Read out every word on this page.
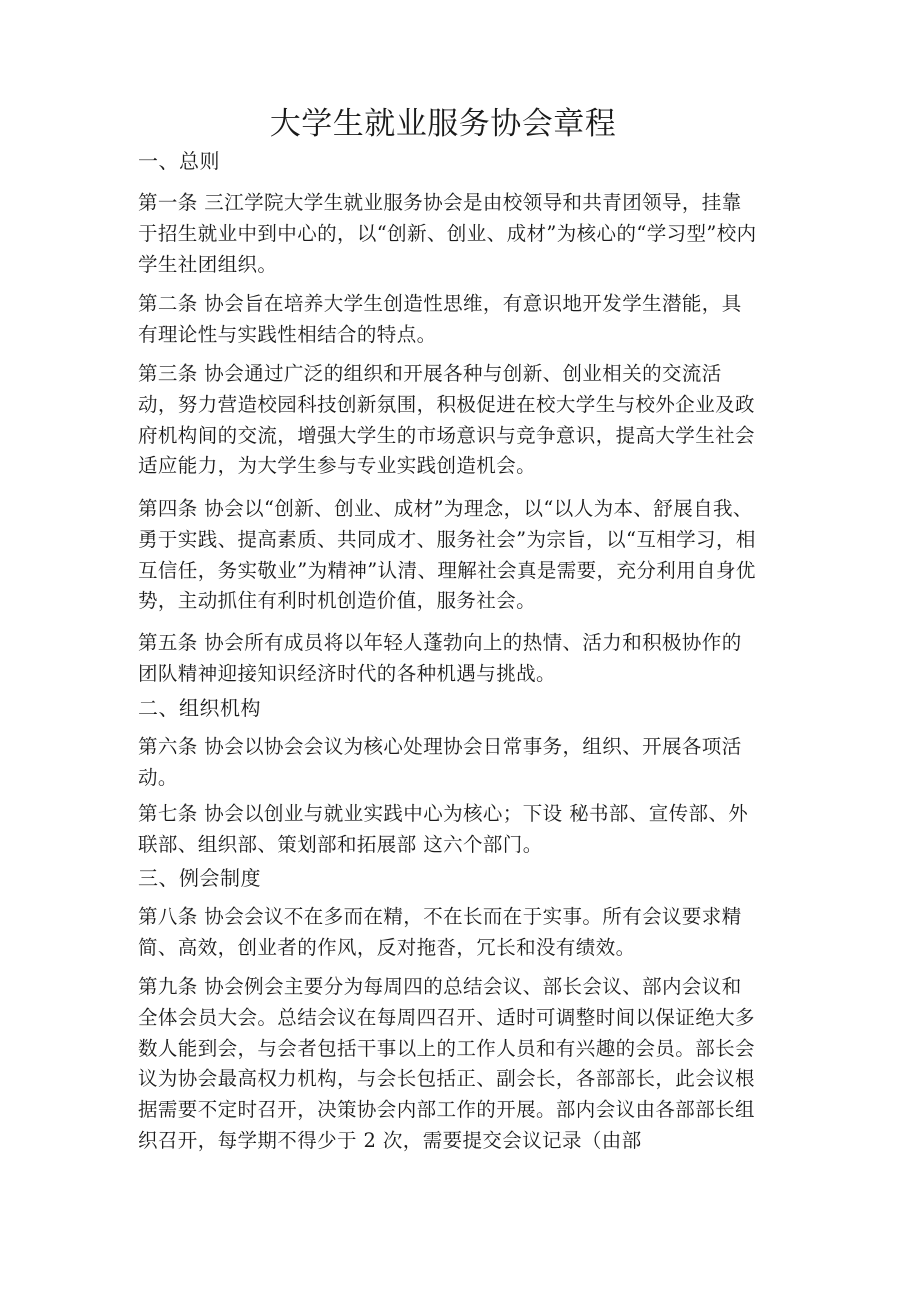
大学生就业服务协会章程
一、总则

第一条 三江学院大学生就业服务协会是由校领导和共青团领导，挂靠于招生就业中到中心的，以“创新、创业、成材”为核心的“学习型”校内学生社团组织。

第二条 协会旨在培养大学生创造性思维，有意识地开发学生潜能，具有理论性与实践性相结合的特点。

第三条 协会通过广泛的组织和开展各种与创新、创业相关的交流活动，努力营造校园科技创新氛围，积极促进在校大学生与校外企业及政府机构间的交流，增强大学生的市场意识与竞争意识，提高大学生社会适应能力，为大学生参与专业实践创造机会。

第四条 协会以“创新、创业、成材”为理念，以“以人为本、舒展自我、勇于实践、提高素质、共同成才、服务社会”为宗旨，以“互相学习，相互信任，务实敬业”为精神”认清、理解社会真是需要，充分利用自身优势，主动抓住有利时机创造价值，服务社会。

第五条 协会所有成员将以年轻人蓬勃向上的热情、活力和积极协作的团队精神迎接知识经济时代的各种机遇与挑战。

二、组织机构

第六条 协会以协会会议为核心处理协会日常事务，组织、开展各项活动。

第七条 协会以创业与就业实践中心为核心；下设 秘书部、宣传部、外联部、组织部、策划部和拓展部 这六个部门。

三、例会制度

第八条 协会会议不在多而在精，不在长而在于实事。所有会议要求精简、高效，创业者的作风，反对拖沓，冗长和没有绩效。

第九条 协会例会主要分为每周四的总结会议、部长会议、部内会议和全体会员大会。总结会议在每周四召开、适时可调整时间以保证绝大多数人能到会，与会者包括干事以上的工作人员和有兴趣的会员。部长会议为协会最高权力机构，与会长包括正、副会长，各部部长，此会议根据需要不定时召开，决策协会内部工作的开展。部内会议由各部部长组织召开，每学期不得少于 2 次，需要提交会议记录（由部
